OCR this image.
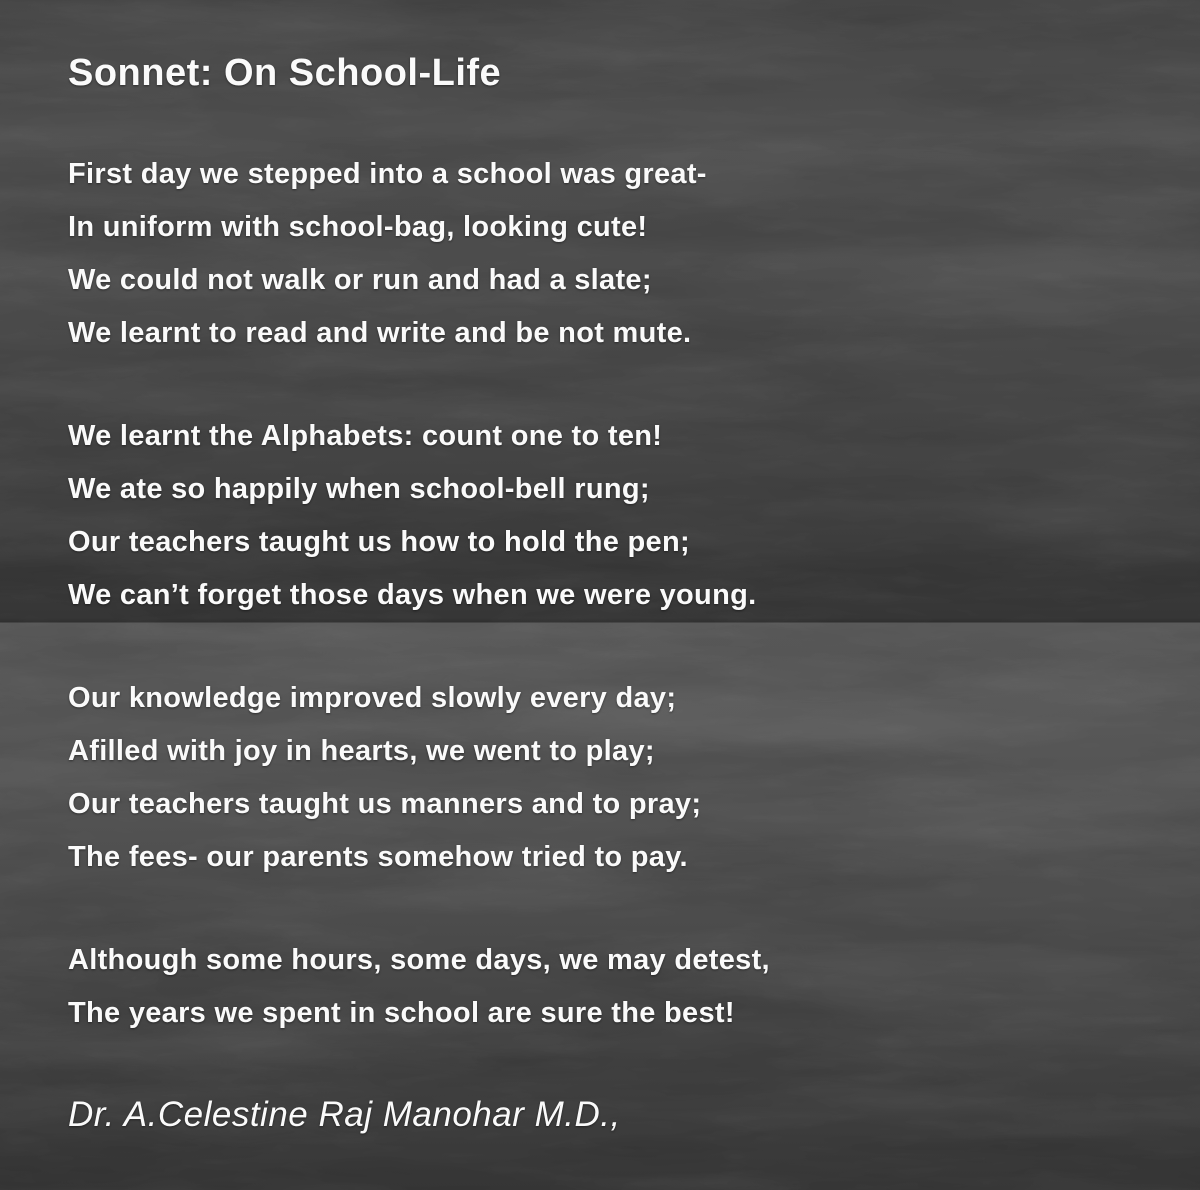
Sonnet: On School-Life

First day we stepped into a school was great-

In uniform with school-bag, looking cute!

We could not walk or run and had a slate;

We learnt to read and write and be not mute.

We learnt the Alphabets: count one to ten!

We ate so happily when school-bell rung;

Our teachers taught us how to hold the pen;

We can’t forget those days when we were young.

Our knowledge improved slowly every day;

Afilled with joy in hearts, we went to play;

Our teachers taught us manners and to pray;

The fees- our parents somehow tried to pay.

Although some hours, some days, we may detest,

The years we spent in school are sure the best!

Dr. A.Celestine Raj Manohar M.D.,
